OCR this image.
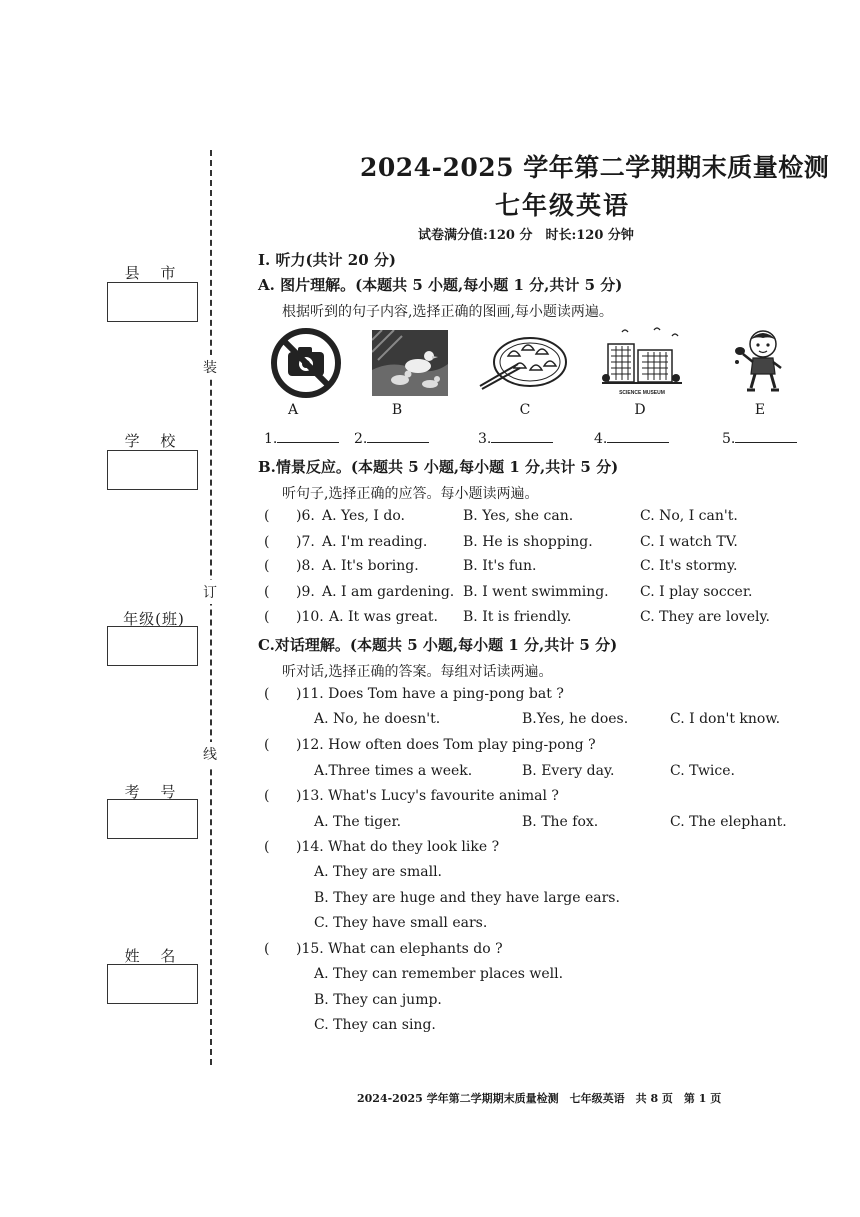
装
订
线
县 市
学 校
年级(班)
考 号
姓 名
2024-2025 学年第二学期期末质量检测
七年级英语
试卷满分值:120 分　时长:120 分钟
Ⅰ. 听力(共计 20 分)
A. 图片理解。(本题共 5 小题,每小题 1 分,共计 5 分)
根据听到的句子内容,选择正确的图画,每小题读两遍。
A	B	C
SCIENCE MUSEUM
D	E
1.	2.	3.	4.	5.
B.情景反应。(本题共 5 小题,每小题 1 分,共计 5 分)
听句子,选择正确的应答。每小题读两遍。
( )6. A. Yes, I do.	B. Yes, she can.	C. No, I can't.
( )7. A. I'm reading.	B. He is shopping.	C. I watch TV.
( )8. A. It's boring.	B. It's fun.	C. It's stormy.
( )9. A. I am gardening. B. I went swimming. C. I play soccer.
( )10. A. It was great. B. It is friendly.	C. They are lovely.
C.对话理解。(本题共 5 小题,每小题 1 分,共计 5 分)
听对话,选择正确的答案。每组对话读两遍。
( )11. Does Tom have a ping-pong bat ?
A. No, he doesn't.	B.Yes, he does.	C. I don't know.
( )12. How often does Tom play ping-pong ?
A.Three times a week.	B. Every day.	C. Twice.
( )13. What's Lucy's favourite animal ?
A. The tiger.	B. The fox.	C. The elephant.
( )14. What do they look like ?
A. They are small.
B. They are huge and they have large ears.
C. They have small ears.
( )15. What can elephants do ?
A. They can remember places well.
B. They can jump.
C. They can sing.
2024-2025 学年第二学期期末质量检测　七年级英语　共 8 页　第 1 页
